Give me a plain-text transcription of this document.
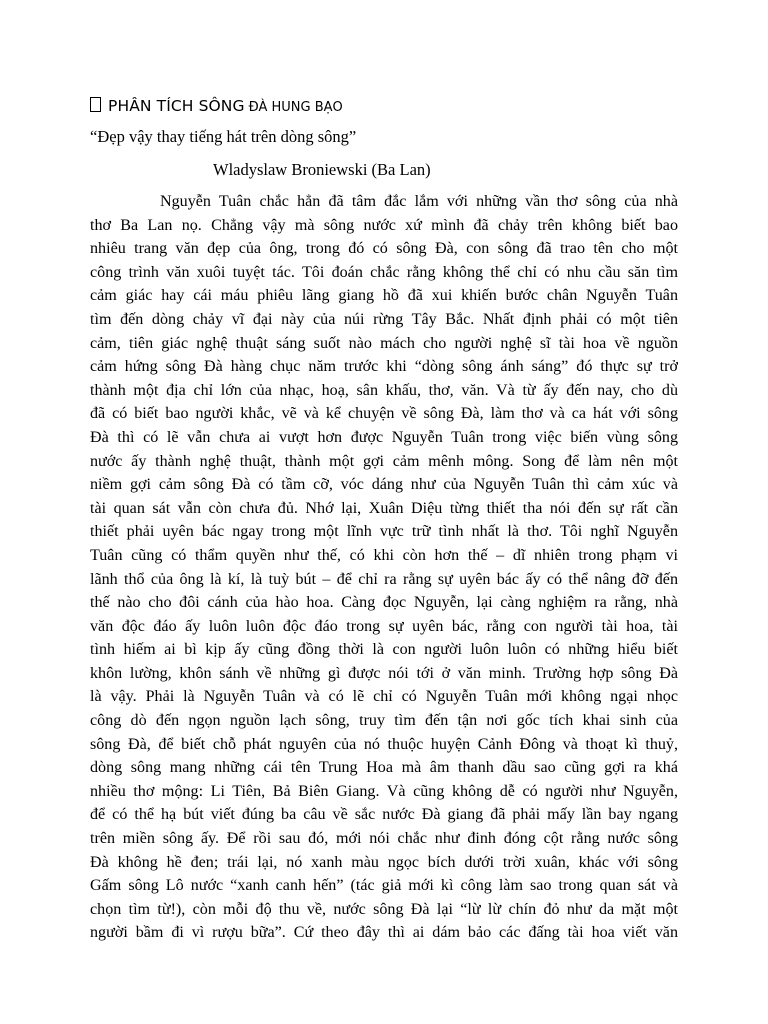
PHÂN TÍCH SÔNG ĐÀ HUNG BẠO
“Đẹp vậy thay tiếng hát trên dòng sông”
Wladyslaw Broniewski (Ba Lan)
Nguyễn Tuân chắc hẳn đã tâm đắc lắm với những vần thơ sông của nhà
thơ Ba Lan nọ. Chẳng vậy mà sông nước xứ mình đã chảy trên không biết bao
nhiêu trang văn đẹp của ông, trong đó có sông Đà, con sông đã trao tên cho một
công trình văn xuôi tuyệt tác. Tôi đoán chắc rằng không thể chỉ có nhu cầu săn tìm
cảm giác hay cái máu phiêu lãng giang hồ đã xui khiến bước chân Nguyễn Tuân
tìm đến dòng chảy vĩ đại này của núi rừng Tây Bắc. Nhất định phải có một tiên
cảm, tiên giác nghệ thuật sáng suốt nào mách cho người nghệ sĩ tài hoa về nguồn
cảm hứng sông Đà hàng chục năm trước khi “dòng sông ánh sáng” đó thực sự trở
thành một địa chỉ lớn của nhạc, hoạ, sân khấu, thơ, văn. Và từ ấy đến nay, cho dù
đã có biết bao người khắc, vẽ và kể chuyện về sông Đà, làm thơ và ca hát với sông
Đà thì có lẽ vẫn chưa ai vượt hơn được Nguyễn Tuân trong việc biến vùng sông
nước ấy thành nghệ thuật, thành một gợi cảm mênh mông. Song để làm nên một
niềm gợi cảm sông Đà có tầm cỡ, vóc dáng như của Nguyễn Tuân thì cảm xúc và
tài quan sát vẫn còn chưa đủ. Nhớ lại, Xuân Diệu từng thiết tha nói đến sự rất cần
thiết phải uyên bác ngay trong một lĩnh vực trữ tình nhất là thơ. Tôi nghĩ Nguyễn
Tuân cũng có thẩm quyền như thế, có khi còn hơn thế – dĩ nhiên trong phạm vi
lãnh thổ của ông là kí, là tuỳ bút – để chỉ ra rằng sự uyên bác ấy có thể nâng đỡ đến
thế nào cho đôi cánh của hào hoa. Càng đọc Nguyễn, lại càng nghiệm ra rằng, nhà
văn độc đáo ấy luôn luôn độc đáo trong sự uyên bác, rằng con người tài hoa, tài
tình hiếm ai bì kịp ấy cũng đồng thời là con người luôn luôn có những hiểu biết
khôn lường, khôn sánh về những gì được nói tới ở văn minh. Trường hợp sông Đà
là vậy. Phải là Nguyễn Tuân và có lẽ chỉ có Nguyễn Tuân mới không ngại nhọc
công dò đến ngọn nguồn lạch sông, truy tìm đến tận nơi gốc tích khai sinh của
sông Đà, để biết chỗ phát nguyên của nó thuộc huyện Cảnh Đông và thoạt kì thuỷ,
dòng sông mang những cái tên Trung Hoa mà âm thanh dầu sao cũng gợi ra khá
nhiều thơ mộng: Li Tiên, Bả Biên Giang. Và cũng không dễ có người như Nguyễn,
để có thể hạ bút viết đúng ba câu về sắc nước Đà giang đã phải mấy lần bay ngang
trên miền sông ấy. Để rồi sau đó, mới nói chắc như đinh đóng cột rằng nước sông
Đà không hề đen; trái lại, nó xanh màu ngọc bích dưới trời xuân, khác với sông
Gấm sông Lô nước “xanh canh hến” (tác giả mới kì công làm sao trong quan sát và
chọn tìm từ!), còn mỗi độ thu về, nước sông Đà lại “lừ lừ chín đỏ như da mặt một
người bầm đi vì rượu bữa”. Cứ theo đây thì ai dám bảo các đấng tài hoa viết văn
